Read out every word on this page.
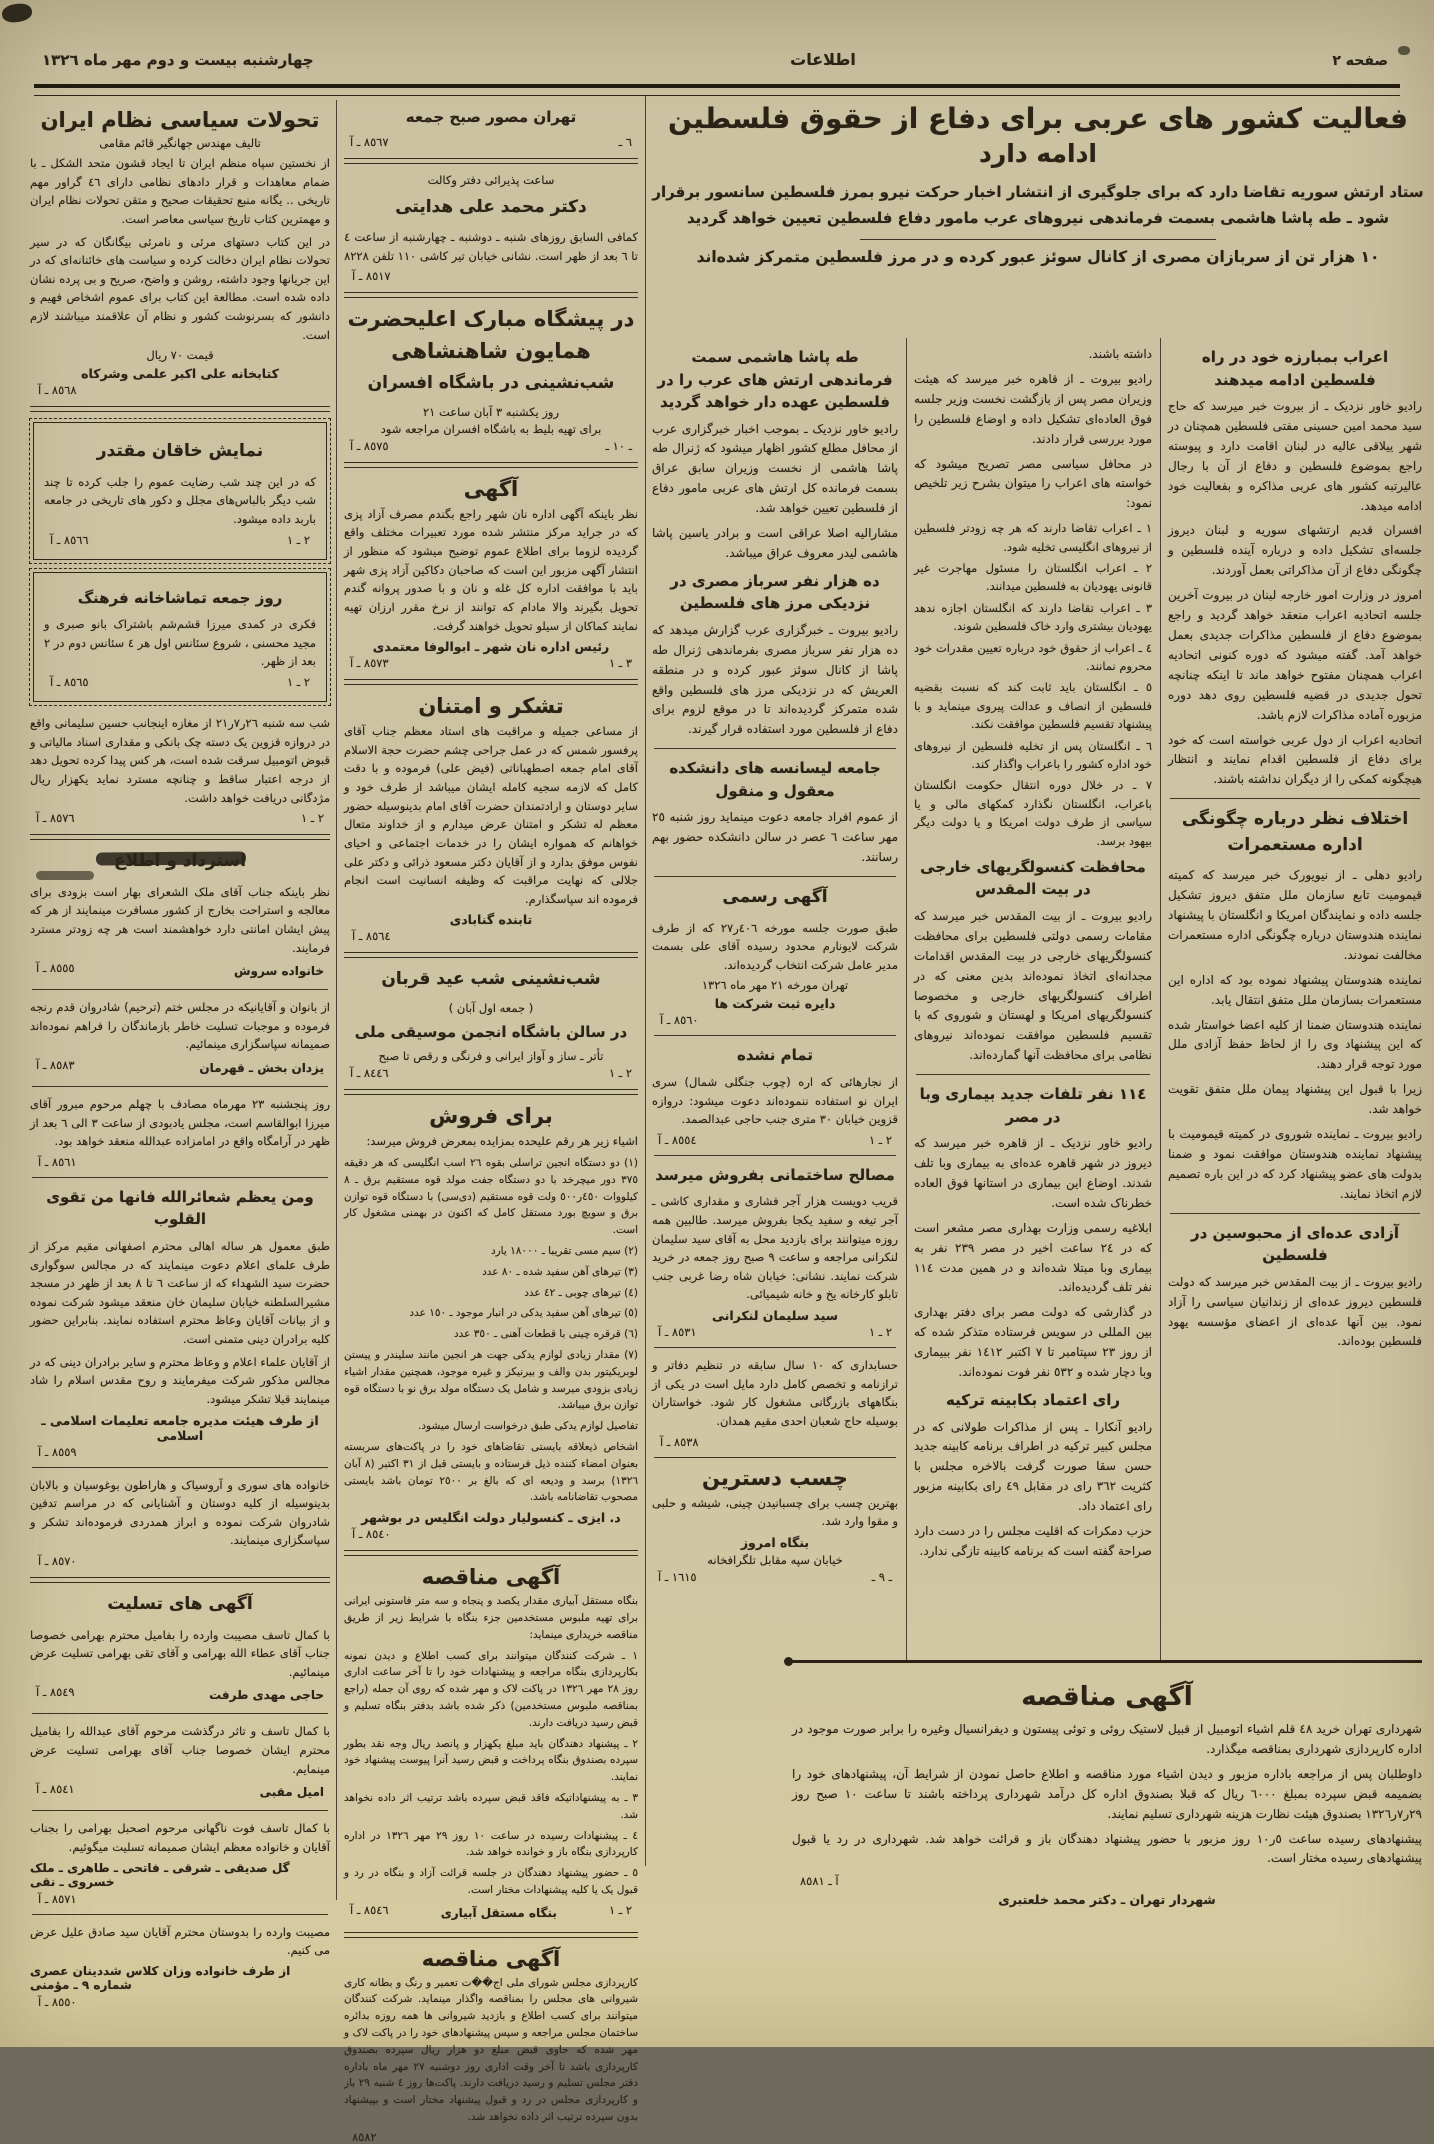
صفحه ٢
اطلاعات
چهارشنبه بیست و دوم مهر ماه ١٣٢٦
فعالیت کشور های عربی برای دفاع از حقوق فلسطین
ادامه دارد

ستاد ارتش سوریه تقاضا دارد که برای جلوگیری از انتشار اخبار حرکت نیرو بمرز فلسطین سانسور برقرار شود ـ طه پاشا هاشمی بسمت فرماندهی نیروهای عرب مامور دفاع فلسطین تعیین خواهد گردید

١٠ هزار تن از سربازان مصری از کانال سوئز عبور کرده و در مرز فلسطین متمرکز شده‌اند

اعراب بمبارزه خود در راه فلسطین ادامه میدهند

رادیو خاور نزدیک ـ از بیروت خبر میرسد که حاج سید محمد امین حسینی مفتی فلسطین همچنان در شهر ییلاقی عالیه در لبنان اقامت دارد و پیوسته راجع بموضوع فلسطین و دفاع از آن با رجال عالیرتبه کشور های عربی مذاکره و بفعالیت خود ادامه میدهد.

افسران قدیم ارتشهای سوریه و لبنان دیروز جلسه‌ای تشکیل داده و درباره آینده فلسطین و چگونگی دفاع از آن مذاکراتی بعمل آوردند.

امروز در وزارت امور خارجه لبنان در بیروت آخرین جلسه اتحادیه اعراب منعقد خواهد گردید و راجع بموضوع دفاع از فلسطین مذاکرات جدیدی بعمل خواهد آمد. گفته میشود که دوره کنونی اتحادیه اعراب همچنان مفتوح خواهد ماند تا اینکه چنانچه تحول جدیدی در قضیه فلسطین روی دهد دوره مزبوره آماده مذاکرات لازم باشد.

اتحادیه اعراب از دول عربی خواسته است که خود برای دفاع از فلسطین اقدام نمایند و انتظار هیچگونه کمکی را از دیگران نداشته باشند.

اختلاف نظر درباره چگونگی اداره مستعمرات

رادیو دهلی ـ از نیویورک خبر میرسد که کمیته قیمومیت تابع سازمان ملل متفق دیروز تشکیل جلسه داده و نمایندگان امریکا و انگلستان با پیشنهاد نماینده هندوستان درباره چگونگی اداره مستعمرات مخالفت نمودند.

نماینده هندوستان پیشنهاد نموده بود که اداره این مستعمرات بسازمان ملل متفق انتقال یابد.

نماینده هندوستان ضمنا از کلیه اعضا خواستار شده که این پیشنهاد وی را از لحاظ حفظ آزادی ملل مورد توجه قرار دهند.

زیرا با قبول این پیشنهاد پیمان ملل متفق تقویت خواهد شد.

رادیو بیروت ـ نماینده شوروی در کمیته قیمومیت با پیشنهاد نماینده هندوستان موافقت نمود و ضمنا بدولت های عضو پیشنهاد کرد که در این باره تصمیم لازم اتخاذ نمایند.

آزادی عده‌ای از محبوسین در فلسطین

رادیو بیروت ـ از بیت المقدس خبر میرسد که دولت فلسطین دیروز عده‌ای از زندانیان سیاسی را آزاد نمود. بین آنها عده‌ای از اعضای مؤسسه یهود فلسطین بوده‌اند.

داشته باشند.

رادیو بیروت ـ از قاهره خبر میرسد که هیئت وزیران مصر پس از بازگشت نخست وزیر جلسه فوق العاده‌ای تشکیل داده و اوضاع فلسطین را مورد بررسی قرار دادند.

در محافل سیاسی مصر تصریح میشود که خواسته های اعراب را میتوان بشرح زیر تلخیص نمود:

١ ـ اعراب تقاضا دارند که هر چه زودتر فلسطین از نیروهای انگلیسی تخلیه شود.

٢ ـ اعراب انگلستان را مسئول مهاجرت غیر قانونی یهودیان به فلسطین میدانند.

٣ ـ اعراب تقاضا دارند که انگلستان اجازه ندهد یهودیان بیشتری وارد خاک فلسطین شوند.

٤ ـ اعراب از حقوق خود درباره تعیین مقدرات خود محروم نمانند.

٥ ـ انگلستان باید ثابت کند که نسبت بقضیه فلسطین از انصاف و عدالت پیروی مینماید و با پیشنهاد تقسیم فلسطین موافقت نکند.

٦ ـ انگلستان پس از تخلیه فلسطین از نیروهای خود اداره کشور را باعراب واگذار کند.

٧ ـ در خلال دوره انتقال حکومت انگلستان باعراب، انگلستان نگذارد کمکهای مالی و یا سیاسی از طرف دولت امریکا و یا دولت دیگر بیهود برسد.

محافظت کنسولگریهای خارجی در بیت المقدس

رادیو بیروت ـ از بیت المقدس خبر میرسد که مقامات رسمی دولتی فلسطین برای محافظت کنسولگریهای خارجی در بیت المقدس اقدامات مجدانه‌ای اتخاذ نموده‌اند بدین معنی که در اطراف کنسولگریهای خارجی و مخصوصا کنسولگریهای امریکا و لهستان و شوروی که با تقسیم فلسطین موافقت نموده‌اند نیروهای نظامی برای محافظت آنها گمارده‌اند.

١١٤ نفر تلفات جدید بیماری وبا در مصر

رادیو خاور نزدیک ـ از قاهره خبر میرسد که دیروز در شهر قاهره عده‌ای به بیماری وبا تلف شدند. اوضاع این بیماری در استانها فوق العاده خطرناک شده است.

ابلاغیه رسمی وزارت بهداری مصر مشعر است که در ٢٤ ساعت اخیر در مصر ٢٣٩ نفر به بیماری وبا مبتلا شده‌اند و در همین مدت ١١٤ نفر تلف گردیده‌اند.

در گذارشی که دولت مصر برای دفتر بهداری بین المللی در سویس فرستاده متذکر شده که از روز ٢٣ سپتامبر تا ٧ اکتبر ١٤١٢ نفر ببیماری وبا دچار شده و ٥٣٢ نفر فوت نموده‌اند.

رای اعتماد بکابینه ترکیه

رادیو آنکارا ـ پس از مذاکرات طولانی که در مجلس کبیر ترکیه در اطراف برنامه کابینه جدید حسن سقا صورت گرفت بالاخره مجلس با کثریت ٣٦٢ رای در مقابل ٤٩ رای بکابینه مزبور رای اعتماد داد.

حزب دمکرات که اقلیت مجلس را در دست دارد صراحة گفته است که برنامه کابینه تازگی ندارد.

طه پاشا هاشمی سمت فرماندهی ارتش های عرب را در فلسطین عهده دار خواهد گردید

رادیو خاور نزدیک ـ بموجب اخبار خبرگزاری عرب از محافل مطلع کشور اظهار میشود که ژنرال طه پاشا هاشمی از نخست وزیران سابق عراق بسمت فرمانده کل ارتش های عربی مامور دفاع از فلسطین تعیین خواهد شد.

مشارالیه اصلا عراقی است و برادر یاسین پاشا هاشمی لیدر معروف عراق میباشد.

ده هزار نفر سرباز مصری در نزدیکی مرز های فلسطین

رادیو بیروت ـ خبرگزاری عرب گزارش میدهد که ده هزار نفر سرباز مصری بفرماندهی ژنرال طه پاشا از کانال سوئز عبور کرده و در منطقه العریش که در نزدیکی مرز های فلسطین واقع شده متمرکز گردیده‌اند تا در موقع لزوم برای دفاع از فلسطین مورد استفاده قرار گیرند.

جامعه لیسانسه های دانشکده معقول و منقول

از عموم افراد جامعه دعوت مینماید روز شنبه ٢٥ مهر ساعت ٦ عصر در سالن دانشکده حضور بهم رسانند.

آگهی رسمی

طبق صورت جلسه مورخه ٤٠٦ر٢٧ که از طرف شرکت لایونارم محدود رسیده آقای علی بسمت مدیر عامل شرکت انتخاب گردیده‌اند.

تهران مورخه ٢١ مهر ماه ١٣٢٦

دایره ثبت شرکت ها

٨٥٦٠ ـ آ

تمام نشده

از نجارهائی که اره (چوب جنگلی شمال) سری ایران نو استفاده ننموده‌اند دعوت میشود: دروازه قزوین خیابان ٣٠ متری جنب حاجی عبدالصمد.

٢ ـ ١
٨٥٥٤ ـ آ
مصالح ساختمانی بفروش میرسد

قریب دویست هزار آجر فشاری و مقداری کاشی ـ آجر تیغه و سفید یکجا بفروش میرسد. طالبین همه روزه میتوانند برای بازدید محل به آقای سید سلیمان لنکرانی مراجعه و ساعت ٩ صبح روز جمعه در خرید شرکت نمایند. نشانی: خیابان شاه رضا غربی جنب تابلو کارخانه یخ و خانه شیمیائی.

سید سلیمان لنکرانی

٢ ـ ١
٨٥٣١ ـ آ

حسابداری که ١٠ سال سابقه در تنظیم دفاتر و ترازنامه و تخصص کامل دارد مایل است در یکی از بنگاههای بازرگانی مشغول کار شود. خواستاران بوسیله حاج شعبان احدی مقیم همدان.

٨٥٣٨ ـ آ

چسب دسترین

بهترین چسب برای چسبانیدن چینی، شیشه و حلبی و مقوا وارد شد.

بنگاه امروز

خیابان سپه مقابل تلگرافخانه

ـ ٩ ـ
١٦١٥ ـ آ
تهران مصور صبح جمعه
٦ ـ
٨٥٦٧ ـ آ

ساعت پذیرائی دفتر وکالت

دکتر محمد علی هدایتی

کمافی السابق روزهای شنبه ـ دوشنبه ـ چهارشنبه از ساعت ٤ تا ٦ بعد از ظهر است. نشانی خیابان تیر کاشی ١١٠ تلفن ٨٢٢٨

٨٥١٧ ـ آ

در پیشگاه مبارک اعلیحضرت
همایون شاهنشاهی
شب‌نشینی در باشگاه افسران

روز یکشنبه ٣ آبان ساعت ٢١

برای تهیه بلیط به باشگاه افسران مراجعه شود

ـ ١٠ ـ
٨٥٧٥ ـ آ
آگهی

نظر باینکه آگهی اداره نان شهر راجع بگندم مصرف آزاد پزی که در جراید مرکز منتشر شده مورد تعبیرات مختلف واقع گردیده لزوما برای اطلاع عموم توضیح میشود که منظور از انتشار آگهی مزبور این است که صاحبان دکاکین آزاد پزی شهر باید با موافقت اداره کل غله و نان و با صدور پروانه گندم تحویل بگیرند والا مادام که توانند از نرخ مقرر ارزان تهیه نمایند کماکان از سیلو تحویل خواهند گرفت.

رئیس اداره نان شهر ـ ابوالوفا معتمدی

٣ ـ ١
٨٥٧٣ ـ آ
تشکر و امتنان

از مساعی جمیله و مراقبت های استاد معظم جناب آقای پرفسور شمس که در عمل جراحی چشم حضرت حجة الاسلام آقای امام جمعه اصطهباناتی (فیض علی) فرموده و با دقت کامل که لازمه سجیه کامله ایشان میباشد از طرف خود و سایر دوستان و ارادتمندان حضرت آقای امام بدینوسیله حضور معظم له تشکر و امتنان عرض میدارم و از خداوند متعال خواهانم که همواره ایشان را در خدمات اجتماعی و احیای نفوس موفق بدارد و از آقایان دکتر مسعود ذرائی و دکتر علی جلالی که نهایت مراقبت که وظیفه انسانیت است انجام فرموده اند سپاسگذارم.

تابنده گنابادی

٨٥٦٤ ـ آ

شب‌نشینی شب عید قربان

( جمعه اول آبان )

در سالن باشگاه انجمن موسیقی ملی

تأتر ـ ساز و آواز ایرانی و فرنگی و رقص تا صبح

٢ ـ ١
٨٤٤٦ ـ آ
برای فروش

اشیاء زیر هر رقم علیحده بمزایده بمعرض فروش میرسد:

(١) دو دستگاه انجین تراسلی بقوه ٢٦ اسب انگلیسی که هر دقیقه ٣٧٥ دور میچرخد با دو دستگاه جفت مولد قوه مستقیم برق ـ ٨ کیلووات ٤٥٠ر٥٠٠ ولت قوه مستقیم (دی‌سی) با دستگاه قوه توازن برق و سویچ بورد مستقل کامل که اکنون در بهمنی مشغول کار است.

(٢) سیم مسی تقریبا ـ ١٨٠٠٠ یارد

(٣) تیرهای آهن سفید شده ـ ٨٠ عدد

(٤) تیرهای چوبی ـ ٤٢ عدد

(٥) تیرهای آهن سفید یدکی در انبار موجود ـ ١٥٠ عدد

(٦) قرقره چینی با قطعات آهنی ـ ٣٥٠ عدد

(٧) مقدار زیادی لوازم یدکی جهت هر انجین مانند سلیندر و پیستن لوبریکیتور بدن والف و بیرنیکز و غیره موجود، همچنین مقدار اشیاء زیادی بزودی میرسد و شامل یک دستگاه مولد برق نو با دستگاه قوه توازن برق میباشد.

تفاصیل لوازم یدکی طبق درخواست ارسال میشود.

اشخاص ذیعلاقه بایستی تقاضاهای خود را در پاکت‌های سربسته بعنوان امضاء کننده ذیل فرستاده و بایستی قبل از ٣١ اکتبر (٨ آبان ١٣٢٦) برسد و ودیعه ای که بالغ بر ٢٥٠٠ تومان باشد بایستی مصحوب تقاضانامه باشد.

د. ایزی ـ کنسولیار دولت انگلیس در بوشهر

٨٥٤٠ ـ آ

آگهی مناقصه

بنگاه مستقل آبیاری مقدار یکصد و پنجاه و سه متر فاستونی ایرانی برای تهیه ملبوس مستخدمین جزء بنگاه با شرایط زیر از طریق مناقصه خریداری مینماید:

١ ـ شرکت کنندگان میتوانند برای کسب اطلاع و دیدن نمونه بکارپردازی بنگاه مراجعه و پیشنهادات خود را تا آخر ساعت اداری روز ٢٨ مهر ١٣٢٦ در پاکت لاک و مهر شده که روی آن جمله (راجع بمناقصه ملبوس مستخدمین) ذکر شده باشد بدفتر بنگاه تسلیم و قبض رسید دریافت دارند.

٢ ـ پیشنهاد دهندگان باید مبلغ یکهزار و پانصد ریال وجه نقد بطور سپرده بصندوق بنگاه پرداخت و قبض رسید آنرا پیوست پیشنهاد خود نمایند.

٣ ـ به پیشنهاداتیکه فاقد قبض سپرده باشد ترتیب اثر داده نخواهد شد.

٤ ـ پیشنهادات رسیده در ساعت ١٠ روز ٢٩ مهر ١٣٢٦ در اداره کارپردازی بنگاه باز و خوانده خواهد شد.

٥ ـ حضور پیشنهاد دهندگان در جلسه قرائت آزاد و بنگاه در رد و قبول یک یا کلیه پیشنهادات مختار است.

٢ ـ ١
بنگاه مستقل آبیاری
٨٥٤٦ ـ آ
آگهی مناقصه

کارپردازی مجلس شورای ملی اج��ت تعمیر و رنگ و بطانه کاری شیروانی های مجلس را بمناقصه واگذار مینماید. شرکت کنندگان میتوانند برای کسب اطلاع و بازدید شیروانی ها همه روزه بدائره ساختمان مجلس مراجعه و سپس پیشنهادهای خود را در پاکت لاک و مهر شده که حاوی قبض مبلغ دو هزار ریال سپرده بصندوق کارپردازی باشد تا آخر وقت اداری روز دوشنبه ٢٧ مهر ماه باداره دفتر مجلس تسلیم و رسید دریافت دارند. پاکت‌ها روز ٤ شنبه ٢٩ باز و کارپردازی مجلس در رد و قبول پیشنهاد مختار است و بپیشنهاد بدون سپرده ترتیب اثر داده نخواهد شد.

٨٥٨٢

تحولات سیاسی نظام ایران

تالیف مهندس جهانگیر قائم مقامی

از نخستین سپاه منظم ایران تا ایجاد قشون متحد الشکل ـ با ضمام معاهدات و قرار دادهای نظامی دارای ٤٦ گراور مهم تاریخی .. یگانه منبع تحقیقات صحیح و متقن تحولات نظام ایران و مهمترین کتاب تاریخ سیاسی معاصر است.

در این کتاب دستهای مرئی و نامرئی بیگانگان که در سیر تحولات نظام ایران دخالت کرده و سیاست های خائنانه‌ای که در این جریانها وجود داشته، روشن و واضح، صریح و بی پرده نشان داده شده است. مطالعة این کتاب برای عموم اشخاص فهیم و دانشور که بسرنوشت کشور و نظام آن علاقمند میباشند لازم است.

قیمت ٧٠ ریال

کتابخانه علی اکبر علمی وشرکاه

٨٥٦٨ ـ آ

نمایش خاقان مقتدر

که در این چند شب رضایت عموم را جلب کرده تا چند شب دیگر بالباس‌های مجلل و دکور های تاریخی در جامعه باربد داده میشود.

٢ ـ ١
٨٥٦٦ ـ آ
روز جمعه تماشاخانه فرهنگ

فکری در کمدی میرزا قشم‌شم باشتراک بانو صبری و مجید محسنی ، شروع سئانس اول هر ٤ سئانس دوم در ٢ بعد از ظهر.

٢ ـ ١
٨٥٦٥ ـ آ

شب سه شنبه ٢٦ر٧ر٢١ از مغازه اینجانب حسین سلیمانی واقع در دروازه قزوین یک دسته چک بانکی و مقداری اسناد مالیاتی و قبوض اتومبیل سرقت شده است، هر کس پیدا کرده تحویل دهد از درجه اعتبار ساقط و چنانچه مسترد نماید یکهزار ریال مژدگانی دریافت خواهد داشت.

٢ ـ ١
٨٥٧٦ ـ آ
استرداد و اطلاع

نظر باینکه جناب آقای ملک الشعرای بهار است بزودی برای معالجه و استراحت بخارج از کشور مسافرت مینمایند از هر که پیش ایشان امانتی دارد خواهشمند است هر چه زودتر مسترد فرمایند.

خانواده سروش
٨٥٥٥ ـ آ

از بانوان و آقایانیکه در مجلس ختم (ترحیم) شادروان قدم رنجه فرموده و موجبات تسلیت خاطر بازماندگان را فراهم نموده‌اند صمیمانه سپاسگزاری مینمائیم.

یزدان بخش ـ قهرمان
٨٥٨٣ ـ آ

روز پنجشنبه ٢٣ مهرماه مصادف با چهلم مرحوم مبرور آقای میرزا ابوالقاسم است، مجلس یادبودی از ساعت ٣ الی ٦ بعد از ظهر در آرامگاه واقع در امامزاده عبدالله منعقد خواهد بود.

٨٥٦١ ـ آ

ومن یعظم شعائرالله فانها من تقوی القلوب

طبق معمول هر ساله اهالی محترم اصفهانی مقیم مرکز از طرف علمای اعلام دعوت مینمایند که در مجالس سوگواری حضرت سید الشهداء که از ساعت ٦ تا ٨ بعد از ظهر در مسجد مشیرالسلطنه خیابان سلیمان خان منعقد میشود شرکت نموده و از بیانات آقایان وعاظ محترم استفاده نمایند. بنابراین حضور کلیه برادران دینی متمنی است.

از آقایان علماء اعلام و وعاظ محترم و سایر برادران دینی که در مجالس مذکور شرکت میفرمایند و روح مقدس اسلام را شاد مینمایند قبلا تشکر میشود.

از طرف هیئت مدیره جامعه تعلیمات اسلامی ـ اسلامی

٨٥٥٩ ـ آ

خانواده های سوری و آروسیاک و هاراطون بوغوسیان و بالابان بدینوسیله از کلیه دوستان و آشنایانی که در مراسم تدفین شادروان شرکت نموده و ابراز همدردی فرموده‌اند تشکر و سپاسگزاری مینمایند.

٨٥٧٠ ـ آ

آگهی های تسلیت

با کمال تاسف مصیبت وارده را بفامیل محترم بهرامی خصوصا جناب آقای عطاء الله بهرامی و آقای تقی بهرامی تسلیت عرض مینمائیم.

حاجی مهدی طرفت
٨٥٤٩ ـ آ

با کمال تاسف و تاثر درگذشت مرحوم آقای عبدالله را بفامیل محترم ایشان خصوصا جناب آقای بهرامی تسلیت عرض مینمایم.

امیل مقبی
٨٥٤١ ـ آ

با کمال تاسف فوت ناگهانی مرحوم اصحبل بهرامی را بجناب آقایان و خانواده معظم ایشان صمیمانه تسلیت میگوئیم.

گل صدیقی ـ شرقی ـ فاتحی ـ طاهری ـ ملک خسروی ـ نقی

٨٥٧١ ـ آ

مصیبت وارده را بدوستان محترم آقایان سید صادق علیل عرض می کنیم.

از طرف خانواده وزان کلاس شددینان عصری شماره ٩ ـ مؤمنی

٨٥٥٠ ـ آ

آگهی مناقصه

شهرداری تهران خرید ٤٨ قلم اشیاء اتومبیل از قبیل لاستیک روئی و توئی پیستون و دیفرانسیال وغیره را برابر صورت موجود در اداره کارپردازی شهرداری بمناقصه میگذارد.

داوطلبان پس از مراجعه باداره مزبور و دیدن اشیاء مورد مناقصه و اطلاع حاصل نمودن از شرایط آن، پیشنهادهای خود را بضمیمه قبض سپرده بمبلغ ٦٠٠٠ ریال که قبلا بصندوق اداره کل درآمد شهرداری پرداخته باشند تا ساعت ١٠ صبح روز ٢٩ر٧ر١٣٢٦ بصندوق هیئت نظارت هزینه شهرداری تسلیم نمایند.

پیشنهادهای رسیده ساعت ٥ر١٠ روز مزبور با حضور پیشنهاد دهندگان باز و قرائت خواهد شد. شهرداری در رد یا قبول پیشنهادهای رسیده مختار است.

آ ـ ٨٥٨١

شهردار تهران ـ دکتر محمد خلعتبری
